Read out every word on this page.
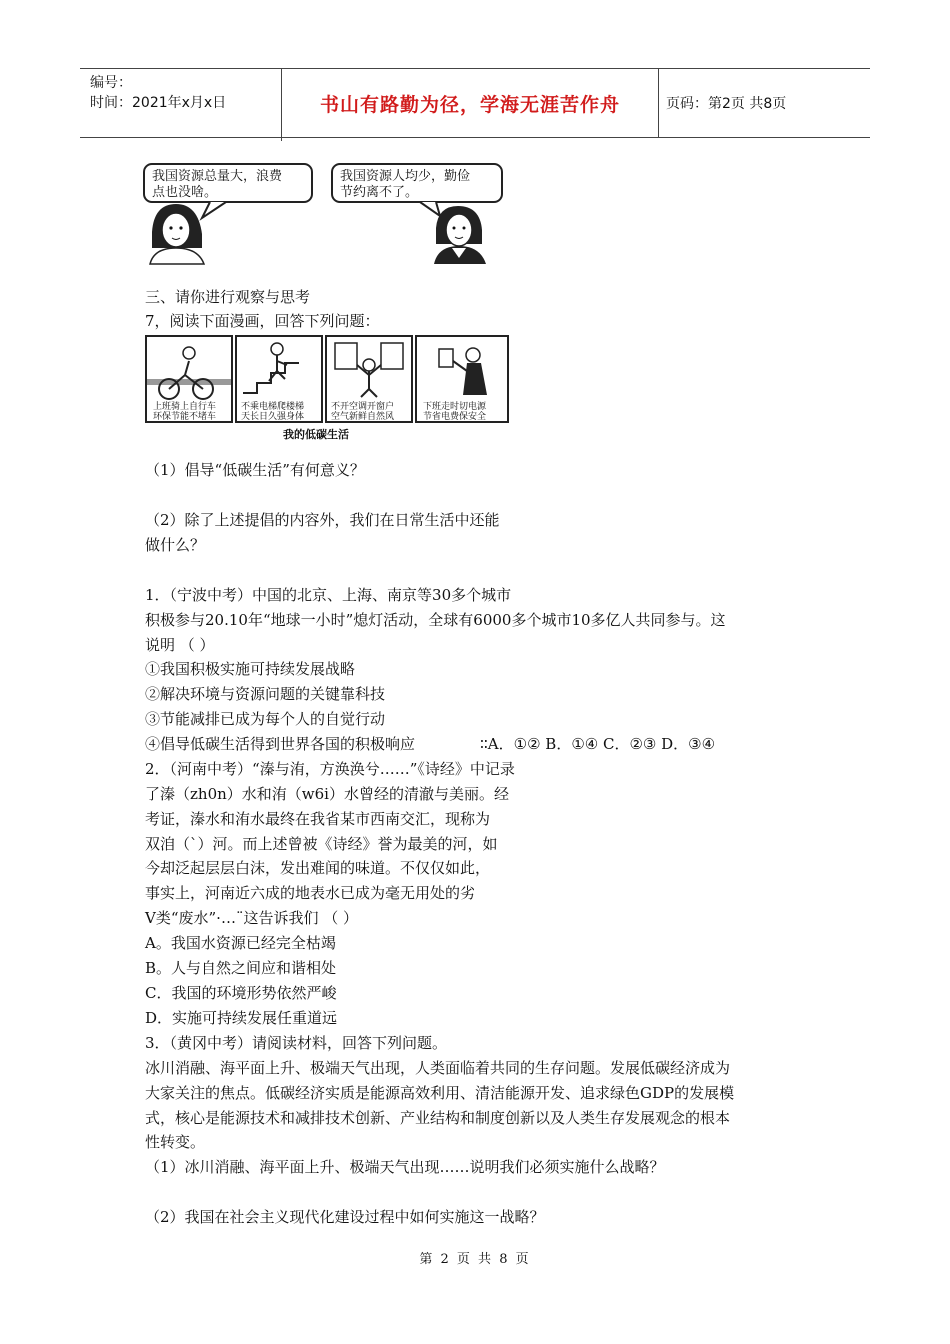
编号：
时间：2021年x月x日	书山有路勤为径，学海无涯苦作舟	页码：第2页 共8页
我国资源总量大，浪费
点也没啥。
我国资源人均少，勤俭
节约离不了。
三、请你进行观察与思考
7，阅读下面漫画，回答下列问题：
上班骑上自行车
环保节能不堵车
不乘电梯爬楼梯
天长日久强身体
不开空调开窗户
空气新鲜自然风
下班走时切电源
节省电费保安全
我的低碳生活
（1）倡导“低碳生活”有何意义？
（2）除了上述提倡的内容外，我们在日常生活中还能
做什么？
1．（宁波中考）中国的北京、上海、南京等30多个城市
积极参与20.10年“地球一小时”熄灯活动，全球有6000多个城市10多亿人共同参与。这
说明 （ ）
①我国积极实施可持续发展战略
②解决环境与资源问题的关键靠科技
③节能减排已成为每个人的自觉行动
④倡导低碳生活得到世界各国的积极响应	∶∶A．①② B．①④ C．②③ D．③④
2．（河南中考）“溱与洧，方涣涣兮……”《诗经》中记录
了溱（zh0n）水和洧（w6i）水曾经的清澈与美丽。经
考证，溱水和洧水最终在我省某市西南交汇，现称为
双洎（ˋ）河。而上述曾被《诗经》誉为最美的河，如
今却泛起层层白沫，发出难闻的味道。不仅仅如此，
事实上，河南近六成的地表水已成为毫无用处的劣
V类“废水”·…¨这告诉我们 （ ）
A。我国水资源已经完全枯竭
B。人与自然之间应和谐相处
C．我国的环境形势依然严峻
D．实施可持续发展任重道远
3．（黄冈中考）请阅读材料，回答下列问题。
冰川消融、海平面上升、极端天气出现，人类面临着共同的生存问题。发展低碳经济成为
大家关注的焦点。低碳经济实质是能源高效利用、清洁能源开发、追求绿色GDP的发展模
式，核心是能源技术和减排技术创新、产业结构和制度创新以及人类生存发展观念的根本
性转变。
（1）冰川消融、海平面上升、极端天气出现……说明我们必须实施什么战略？
（2）我国在社会主义现代化建设过程中如何实施这一战略？
第 2 页 共 8 页
